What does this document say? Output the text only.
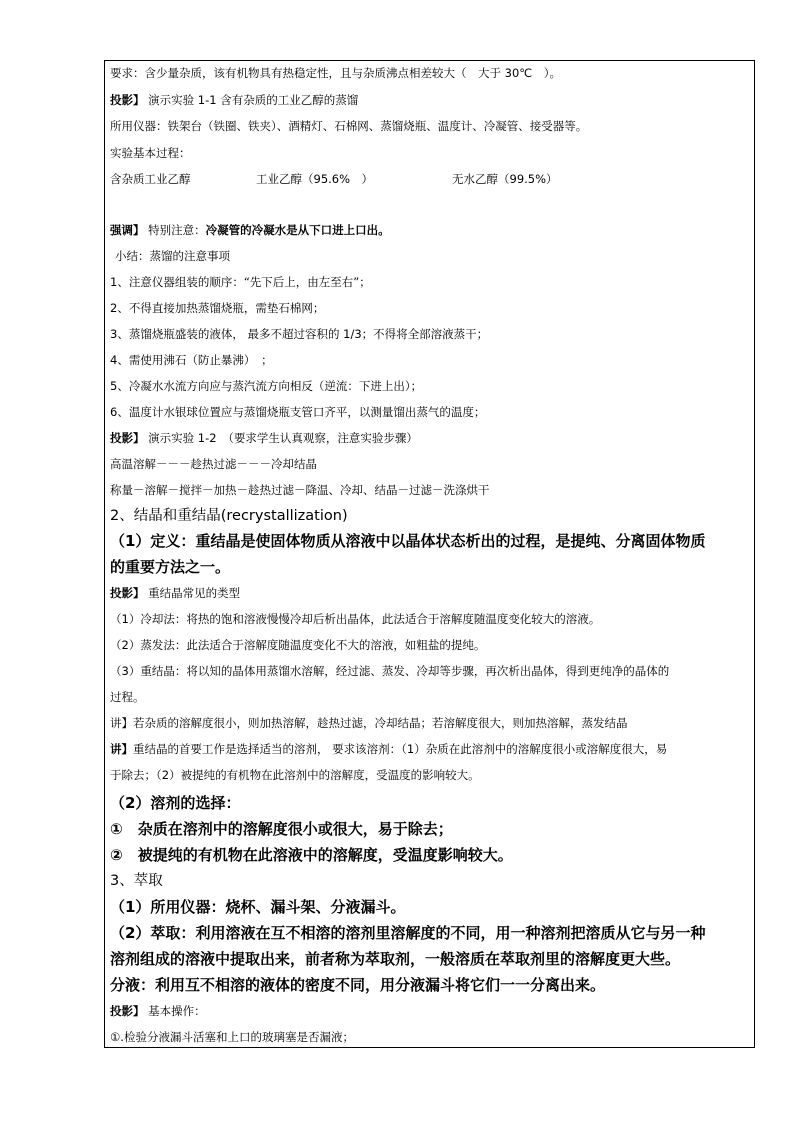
要求：含少量杂质，该有机物具有热稳定性，且与杂质沸点相差较大（　大于 30℃　）。
投影】 演示实验 1-1 含有杂质的工业乙醇的蒸馏
所用仪器：铁架台（铁圈、铁夹）、酒精灯、石棉网、蒸馏烧瓶、温度计、冷凝管、接受器等。
实验基本过程：
含杂质工业乙醇	工业乙醇（95.6%　）	无水乙醇（99.5%）
强调】 特别注意：冷凝管的冷凝水是从下口进上口出。
小结：蒸馏的注意事项
1、注意仪器组装的顺序：“先下后上，由左至右”；
2、不得直接加热蒸馏烧瓶，需垫石棉网；
3、蒸馏烧瓶盛装的液体， 最多不超过容积的 1/3；不得将全部溶液蒸干；
4、需使用沸石（防止暴沸）　；
5、冷凝水水流方向应与蒸汽流方向相反（逆流：下进上出）；
6、温度计水银球位置应与蒸馏烧瓶支管口齐平，以测量馏出蒸气的温度；
投影】 演示实验 1-2　（要求学生认真观察，注意实验步骤）
高温溶解－－－趁热过滤－－－冷却结晶
称量－溶解－搅拌－加热－趁热过滤－降温、冷却、结晶－过滤－洗涤烘干
2、结晶和重结晶(recrystallization)
（1）定义：重结晶是使固体物质从溶液中以晶体状态析出的过程，是提纯、分离固体物质
的重要方法之一。
投影】 重结晶常见的类型
（1）冷却法：将热的饱和溶液慢慢冷却后析出晶体，此法适合于溶解度随温度变化较大的溶液。
（2）蒸发法：此法适合于溶解度随温度变化不大的溶液，如粗盐的提纯。
（3）重结晶：将以知的晶体用蒸馏水溶解，经过滤、蒸发、冷却等步骤，再次析出晶体，得到更纯净的晶体的
过程。
讲】若杂质的溶解度很小，则加热溶解，趁热过滤，冷却结晶；若溶解度很大，则加热溶解，蒸发结晶
讲】重结晶的首要工作是选择适当的溶剂， 要求该溶剂：（1）杂质在此溶剂中的溶解度很小或溶解度很大，易
于除去；（2）被提纯的有机物在此溶剂中的溶解度，受温度的影响较大。
（2）溶剂的选择：
①　杂质在溶剂中的溶解度很小或很大，易于除去；
②　被提纯的有机物在此溶液中的溶解度，受温度影响较大。
3、萃取
（1）所用仪器：烧杯、漏斗架、分液漏斗。
（2）萃取：利用溶液在互不相溶的溶剂里溶解度的不同，用一种溶剂把溶质从它与另一种
溶剂组成的溶液中提取出来，前者称为萃取剂，一般溶质在萃取剂里的溶解度更大些。
分液：利用互不相溶的液体的密度不同，用分液漏斗将它们一一分离出来。
投影】 基本操作：
①.检验分液漏斗活塞和上口的玻璃塞是否漏液；
